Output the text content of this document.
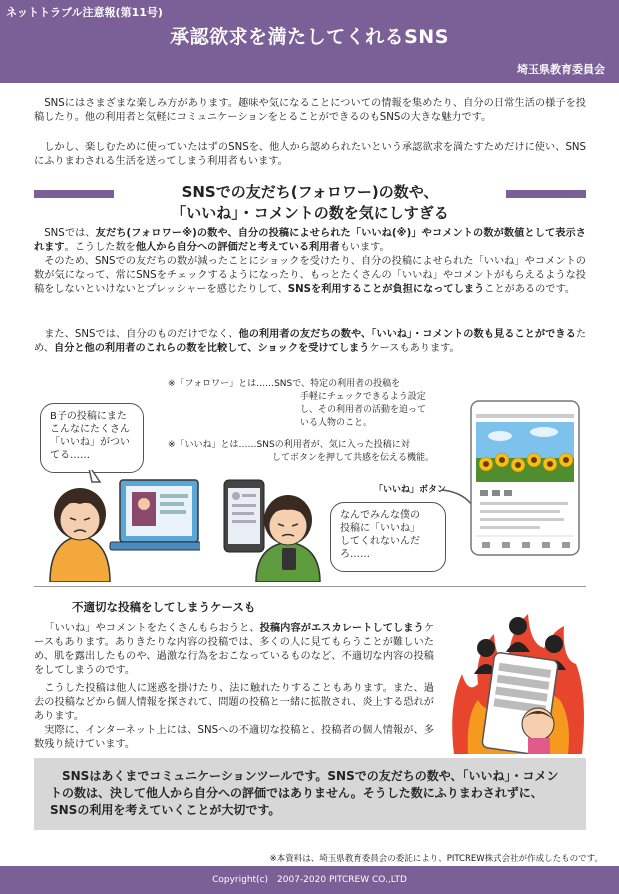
ネットトラブル注意報(第11号)
承認欲求を満たしてくれるSNS
埼玉県教育委員会
SNSにはさまざまな楽しみ方があります。趣味や気になることについての情報を集めたり、自分の日常生活の様子を投稿したり。他の利用者と気軽にコミュニケーションをとることができるのもSNSの大きな魅力です。
しかし、楽しむために使っていたはずのSNSを、他人から認められたいという承認欲求を満たすためだけに使い、SNSにふりまわされる生活を送ってしまう利用者もいます。
SNSでの友だち(フォロワー)の数や、
「いいね」・コメントの数を気にしすぎる
SNSでは、友だち(フォロワー※)の数や、自分の投稿によせられた「いいね(※)」やコメントの数が数値として表示されます。こうした数を他人から自分への評価だと考えている利用者もいます。
そのため、SNSでの友だちの数が減ったことにショックを受けたり、自分の投稿によせられた「いいね」やコメントの数が気になって、常にSNSをチェックするようになったり、もっとたくさんの「いいね」やコメントがもらえるような投稿をしないといけないとプレッシャーを感じたりして、SNSを利用することが負担になってしまうことがあるのです。
また、SNSでは、自分のものだけでなく、他の利用者の友だちの数や、「いいね」・コメントの数も見ることができるため、自分と他の利用者のこれらの数を比較して、ショックを受けてしまうケースもあります。
※「フォロワー」とは……SNSで、特定の利用者の投稿を
手軽にチェックできるよう設定
し、その利用者の活動を追って
いる人物のこと。
※「いいね」とは……SNSの利用者が、気に入った投稿に対
してボタンを押して共感を伝える機能。
B子の投稿にまた
こんなにたくさん
「いいね」がつい
てる……
なんでみんな僕の
投稿に「いいね」
してくれないんだ
ろ……
「いいね」ボタン
不適切な投稿をしてしまうケースも
「いいね」やコメントをたくさんもらおうと、投稿内容がエスカレートしてしまうケースもあります。ありきたりな内容の投稿では、多くの人に見てもらうことが難しいため、肌を露出したものや、過激な行為をおこなっているものなど、不適切な内容の投稿をしてしまうのです。
こうした投稿は他人に迷惑を掛けたり、法に触れたりすることもあります。また、過去の投稿などから個人情報を探されて、問題の投稿と一緒に拡散され、炎上する恐れがあります。
実際に、インターネット上には、SNSへの不適切な投稿と、投稿者の個人情報が、多数残り続けています。
SNSはあくまでコミュニケーションツールです。SNSでの友だちの数や、「いいね」・コメントの数は、決して他人から自分への評価ではありません。そうした数にふりまわされずに、SNSの利用を考えていくことが大切です。
※本資料は、埼玉県教育委員会の委託により、PITCREW株式会社が作成したものです。
Copyright(c)　2007-2020 PITCREW CO.,LTD
